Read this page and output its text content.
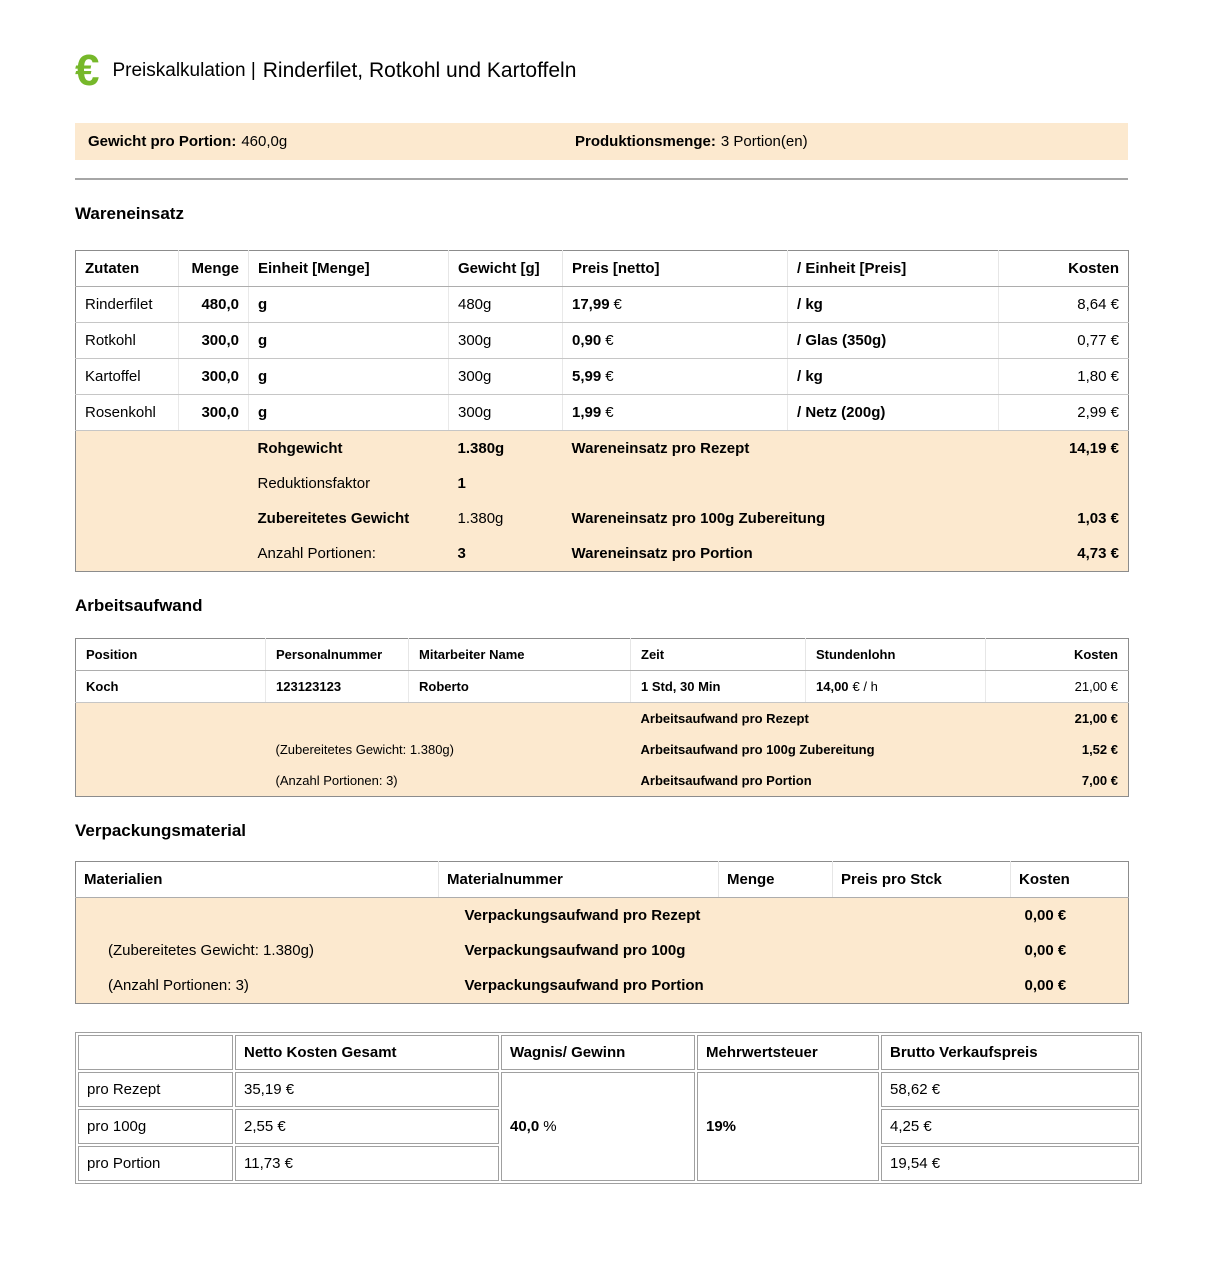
€ Preiskalkulation | Rinderfilet, Rotkohl und Kartoffeln
Gewicht pro Portion: 460,0g	Produktionsmenge: 3 Portion(en)
Wareneinsatz
Zutaten	Menge	Einheit [Menge]	Gewicht [g]	Preis [netto]	/ Einheit [Preis]	Kosten
Rinderfilet	480,0	g	480g	17,99 €	/ kg	8,64 €
Rotkohl	300,0	g	300g	0,90 €	/ Glas (350g)	0,77 €
Kartoffel	300,0	g	300g	5,99 €	/ kg	1,80 €
Rosenkohl	300,0	g	300g	1,99 €	/ Netz (200g)	2,99 €
		Rohgewicht	1.380g	Wareneinsatz pro Rezept		14,19 €
		Reduktionsfaktor	1			
		Zubereitetes Gewicht	1.380g	Wareneinsatz pro 100g Zubereitung		1,03 €
		Anzahl Portionen:	3	Wareneinsatz pro Portion		4,73 €
Arbeitsaufwand
Position	Personalnummer	Mitarbeiter Name	Zeit	Stundenlohn	Kosten
Koch	123123123	Roberto	1 Std, 30 Min	14,00 € / h	21,00 €
			Arbeitsaufwand pro Rezept		21,00 €
	(Zubereitetes Gewicht: 1.380g)		Arbeitsaufwand pro 100g Zubereitung		1,52 €
	(Anzahl Portionen: 3)		Arbeitsaufwand pro Portion		7,00 €
Verpackungsmaterial
Materialien	Materialnummer	Menge	Preis pro Stck	Kosten
	Verpackungsaufwand pro Rezept			0,00 €
(Zubereitetes Gewicht: 1.380g)	Verpackungsaufwand pro 100g			0,00 €
(Anzahl Portionen: 3)	Verpackungsaufwand pro Portion			0,00 €
	Netto Kosten Gesamt	Wagnis/ Gewinn	Mehrwertsteuer	Brutto Verkaufspreis
pro Rezept	35,19 €	40,0 %	19%	58,62 €
pro 100g	2,55 €			4,25 €
pro Portion	11,73 €			19,54 €
